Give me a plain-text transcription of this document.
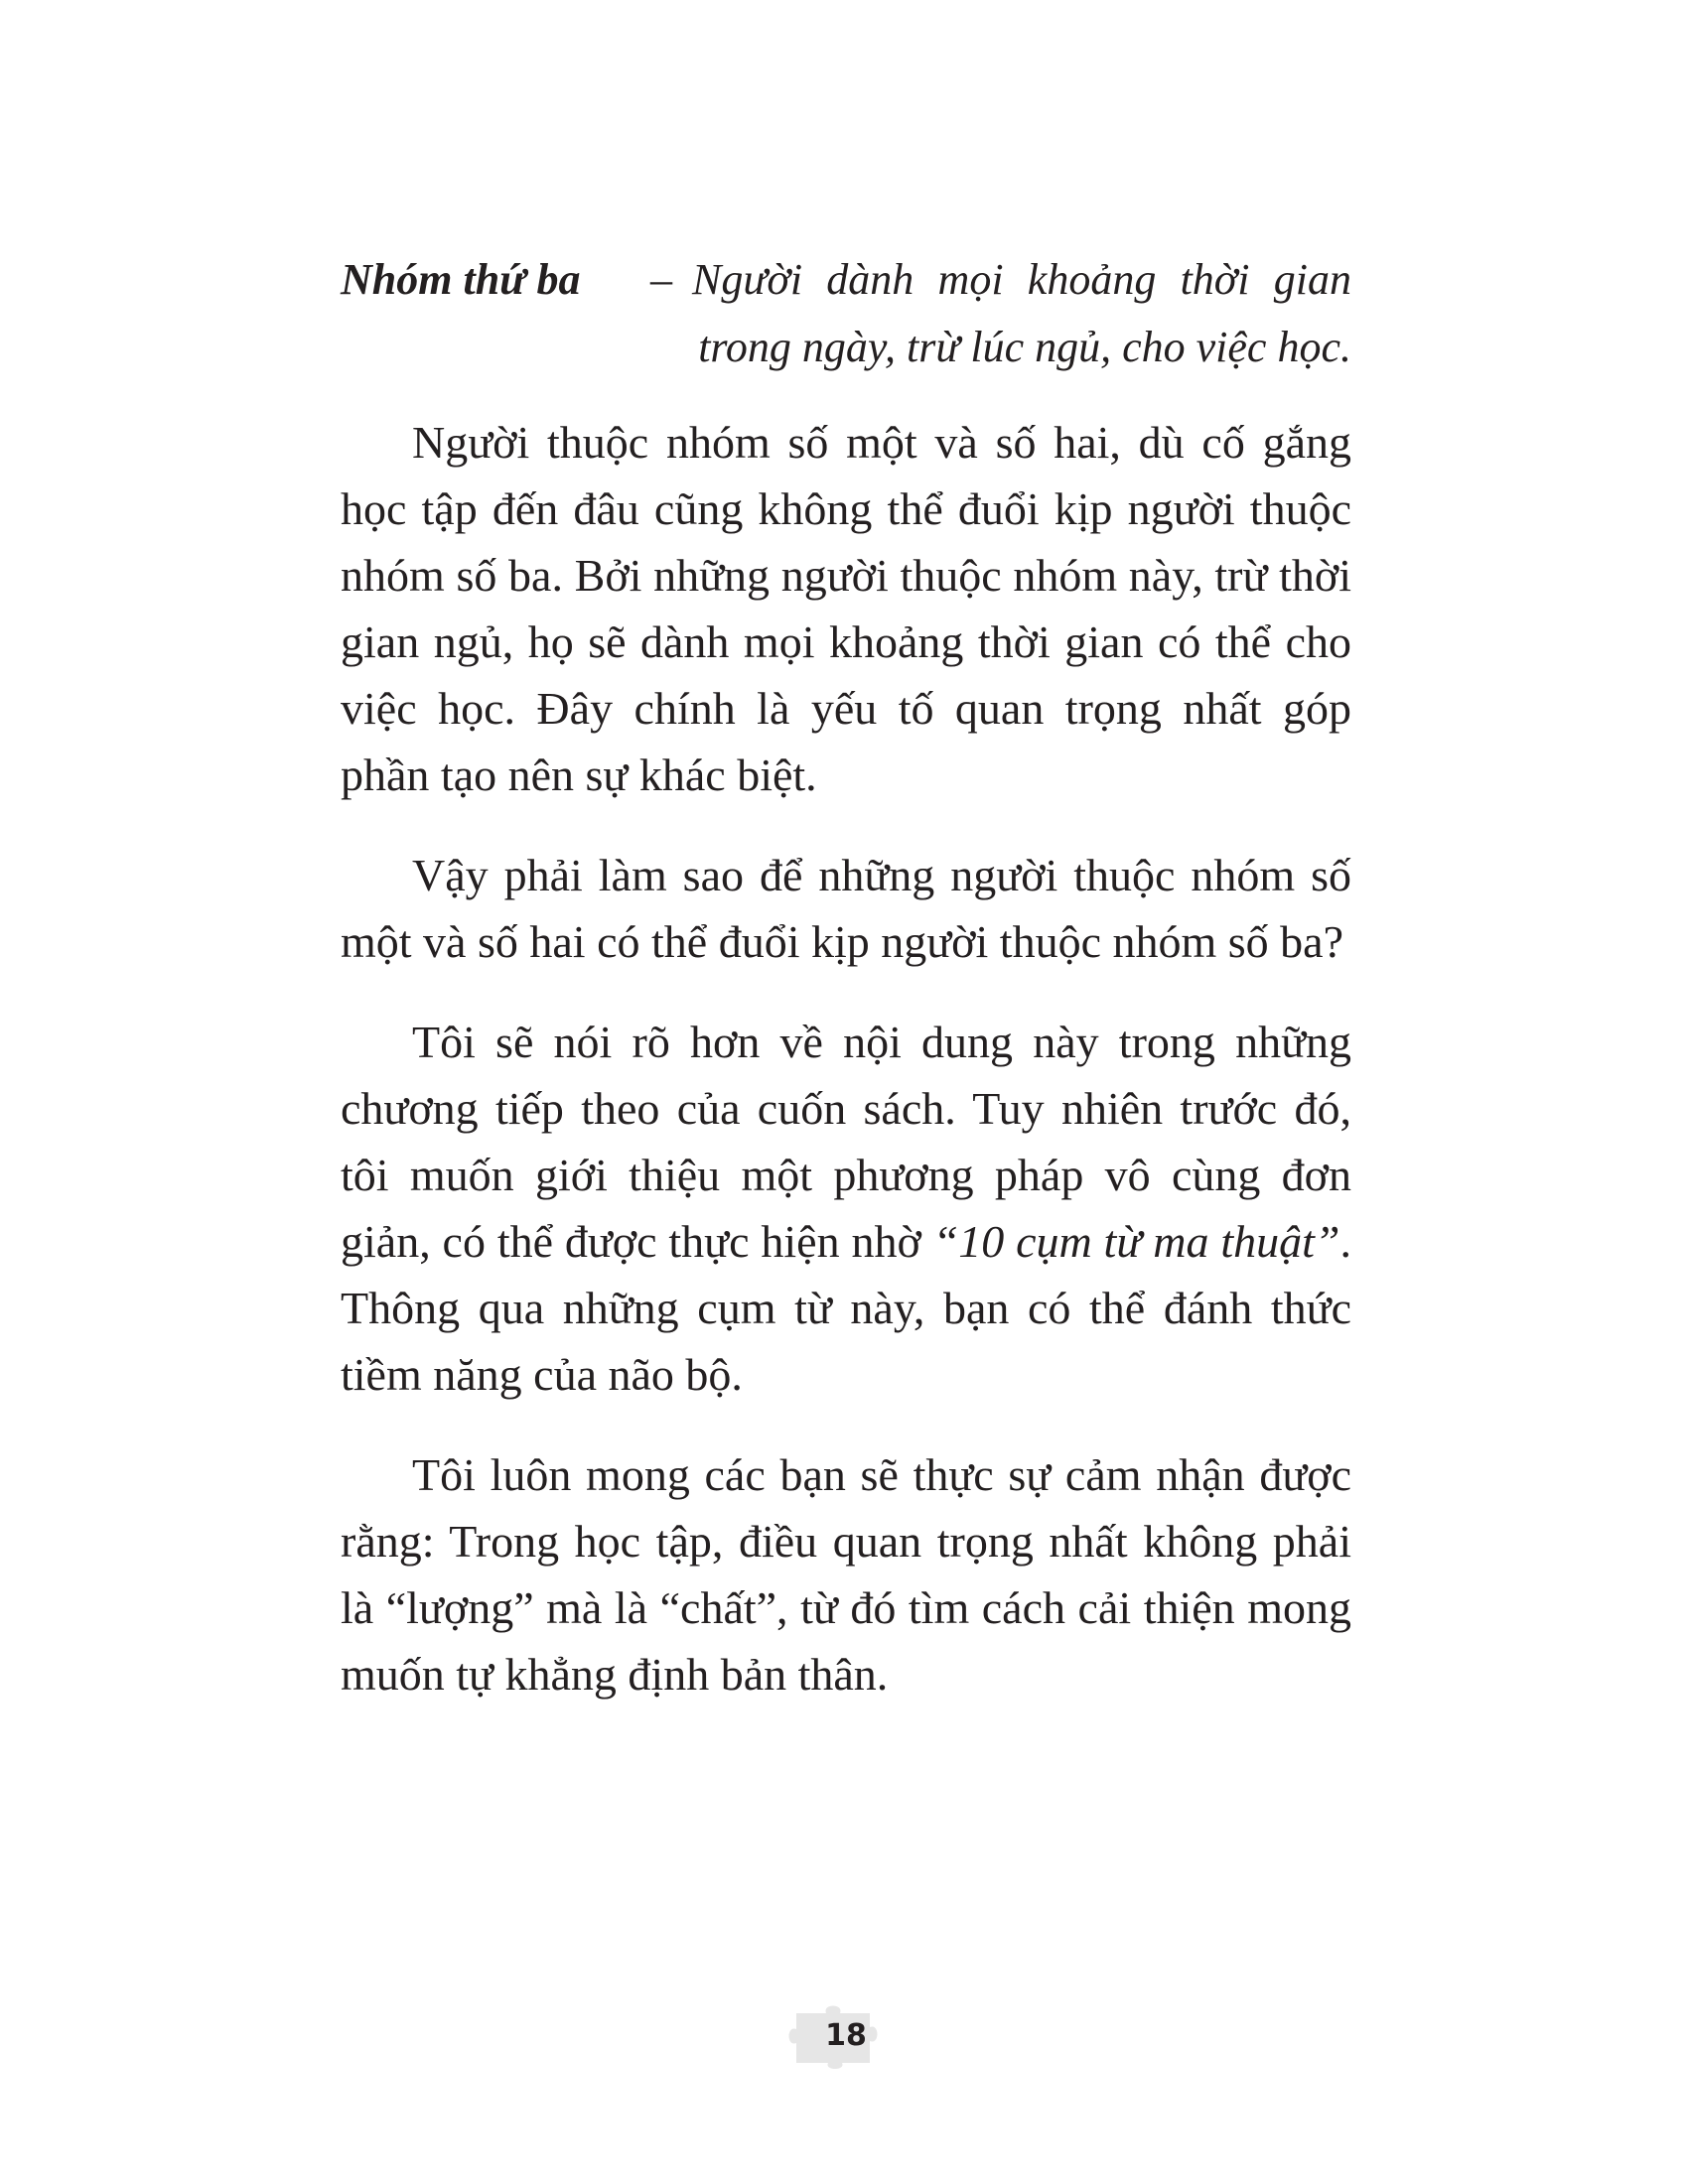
Nhóm thứ ba	– Người dành mọi khoảng thời gian trong ngày, trừ lúc ngủ, cho việc học.

Người thuộc nhóm số một và số hai, dù cố gắng học tập đến đâu cũng không thể đuổi kịp người thuộc nhóm số ba. Bởi những người thuộc nhóm này, trừ thời gian ngủ, họ sẽ dành mọi khoảng thời gian có thể cho việc học. Đây chính là yếu tố quan trọng nhất góp phần tạo nên sự khác biệt.

Vậy phải làm sao để những người thuộc nhóm số một và số hai có thể đuổi kịp người thuộc nhóm số ba?

Tôi sẽ nói rõ hơn về nội dung này trong những chương tiếp theo của cuốn sách. Tuy nhiên trước đó, tôi muốn giới thiệu một phương pháp vô cùng đơn giản, có thể được thực hiện nhờ “10 cụm từ ma thuật”. Thông qua những cụm từ này, bạn có thể đánh thức tiềm năng của não bộ.

Tôi luôn mong các bạn sẽ thực sự cảm nhận được rằng: Trong học tập, điều quan trọng nhất không phải là “lượng” mà là “chất”, từ đó tìm cách cải thiện mong muốn tự khẳng định bản thân.

18
